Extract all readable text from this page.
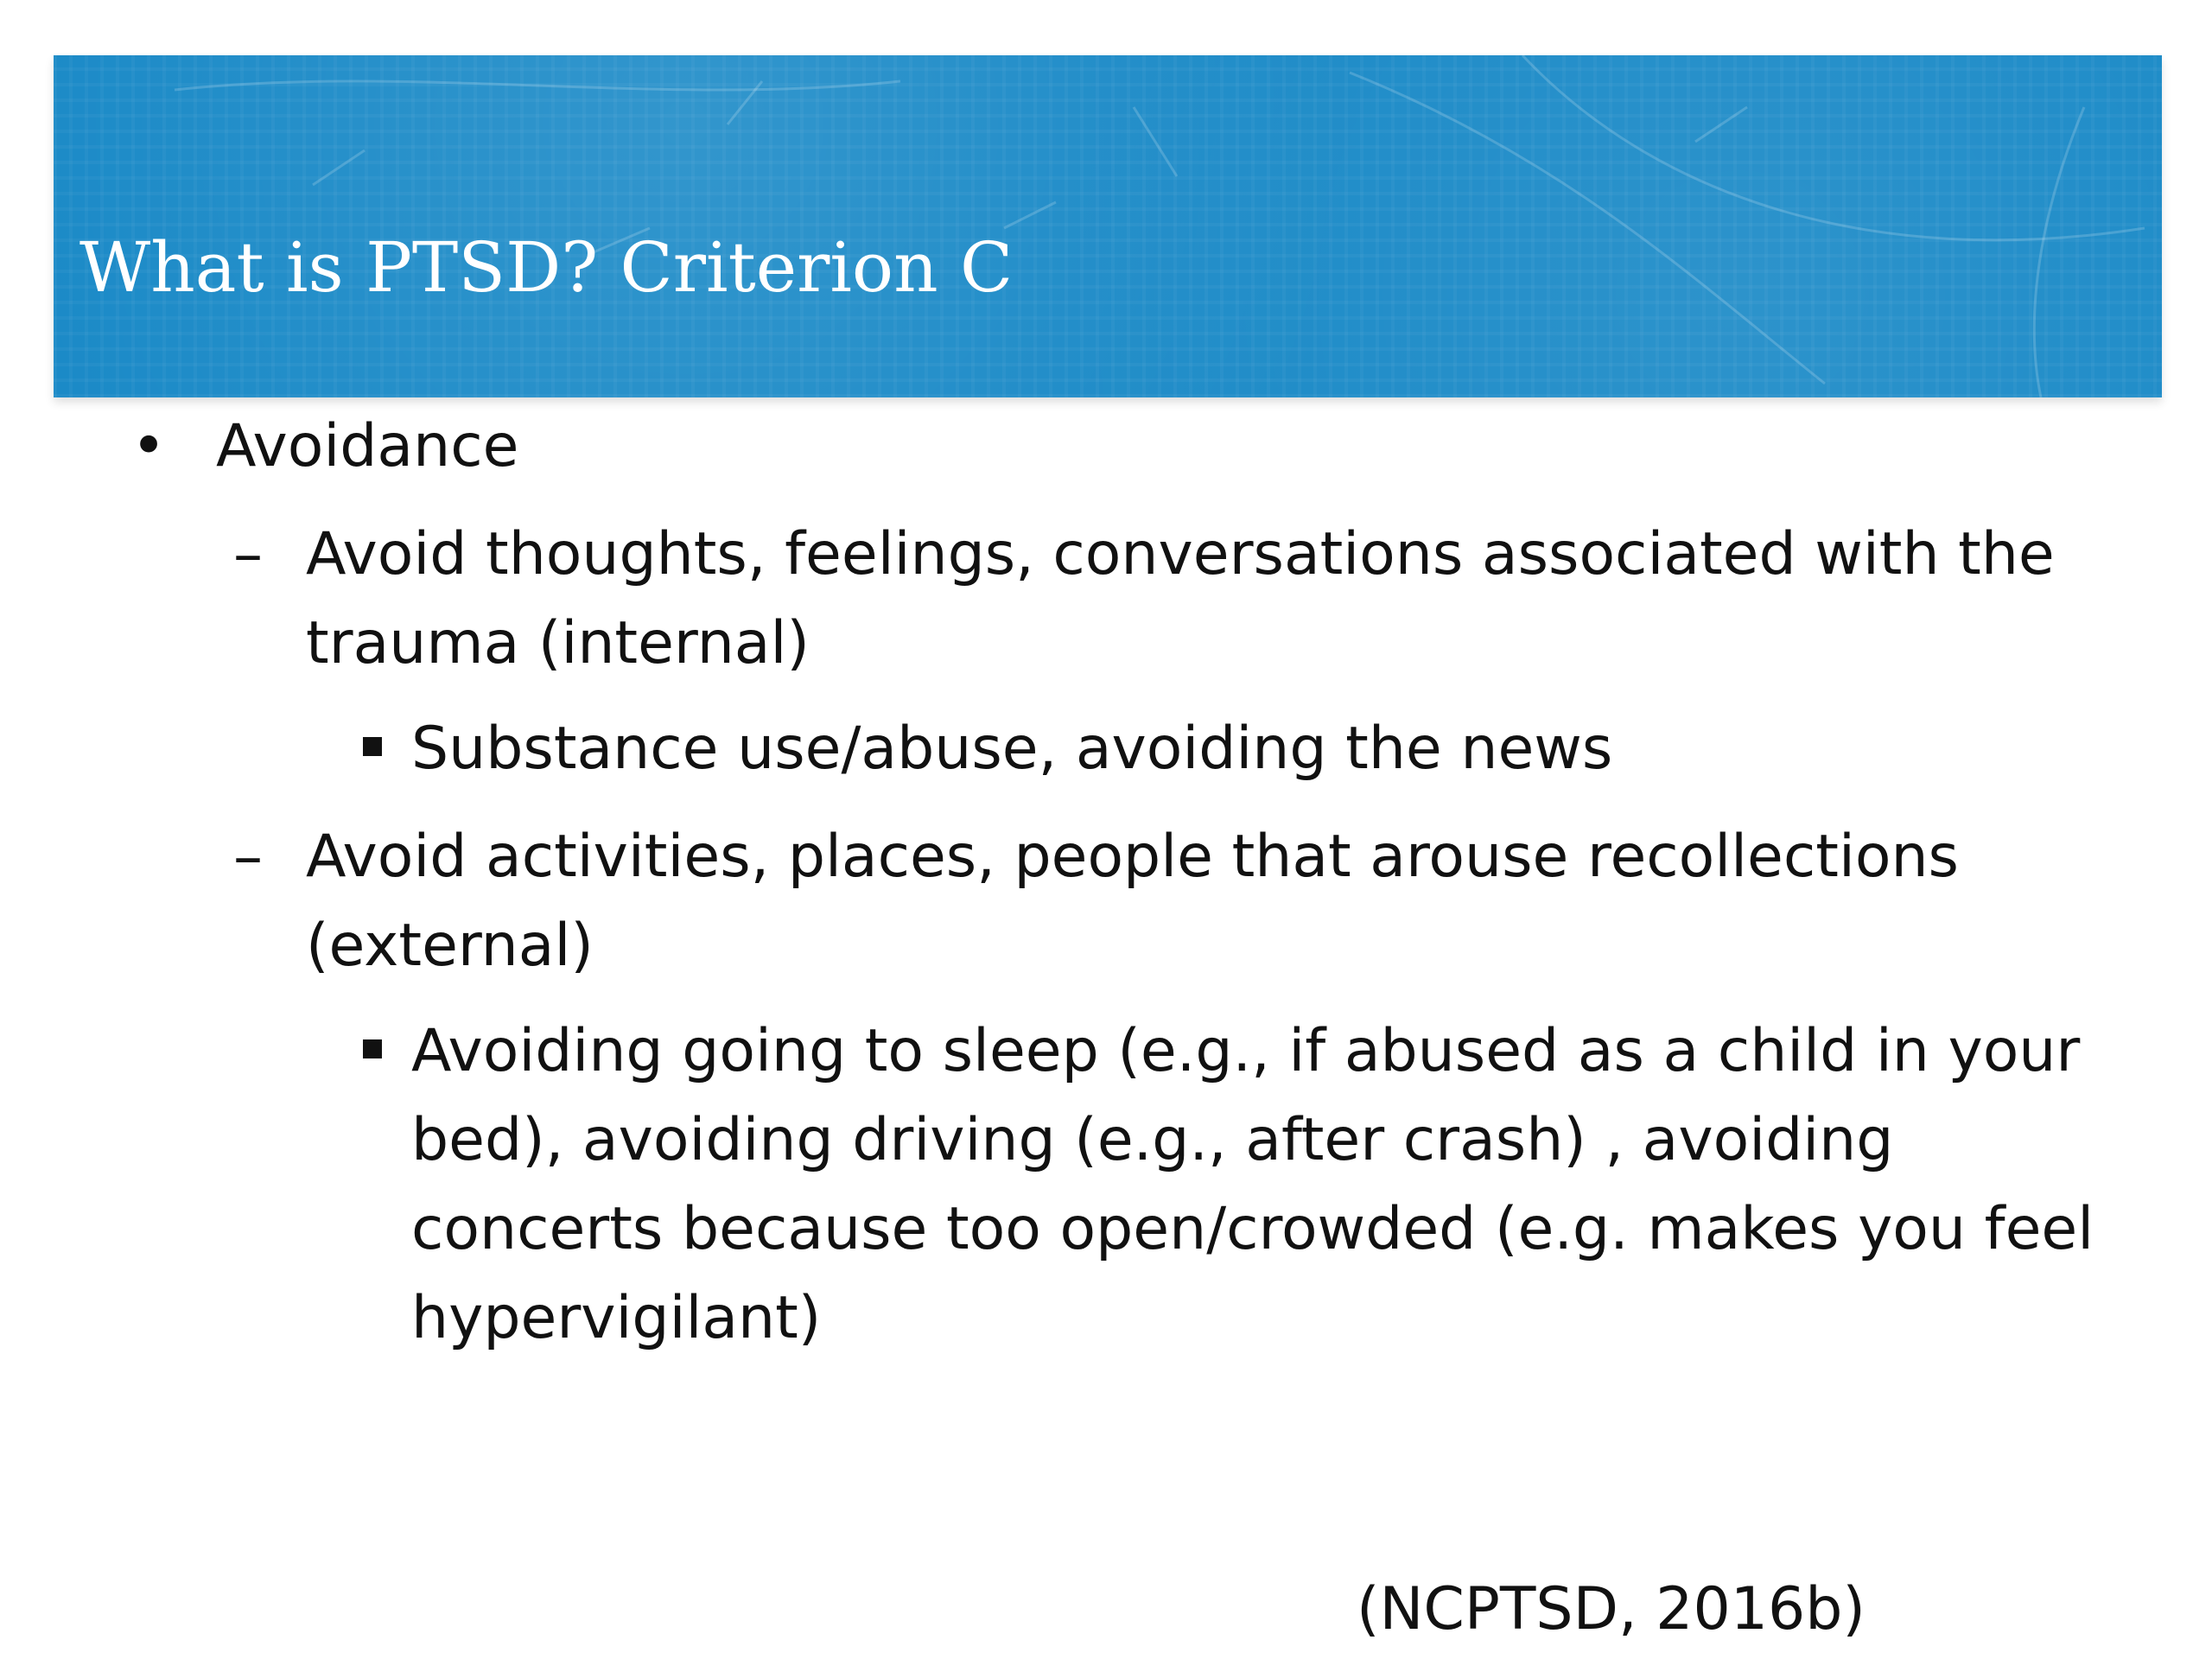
What is PTSD? Criterion C
• Avoidance
– Avoid thoughts, feelings, conversations associated with the
trauma (internal)
Substance use/abuse, avoiding the news
– Avoid activities, places, people that arouse recollections
(external)
Avoiding going to sleep (e.g., if abused as a child in your
bed), avoiding driving (e.g., after crash) , avoiding
concerts because too open/crowded (e.g. makes you feel
hypervigilant)
(NCPTSD, 2016b)
